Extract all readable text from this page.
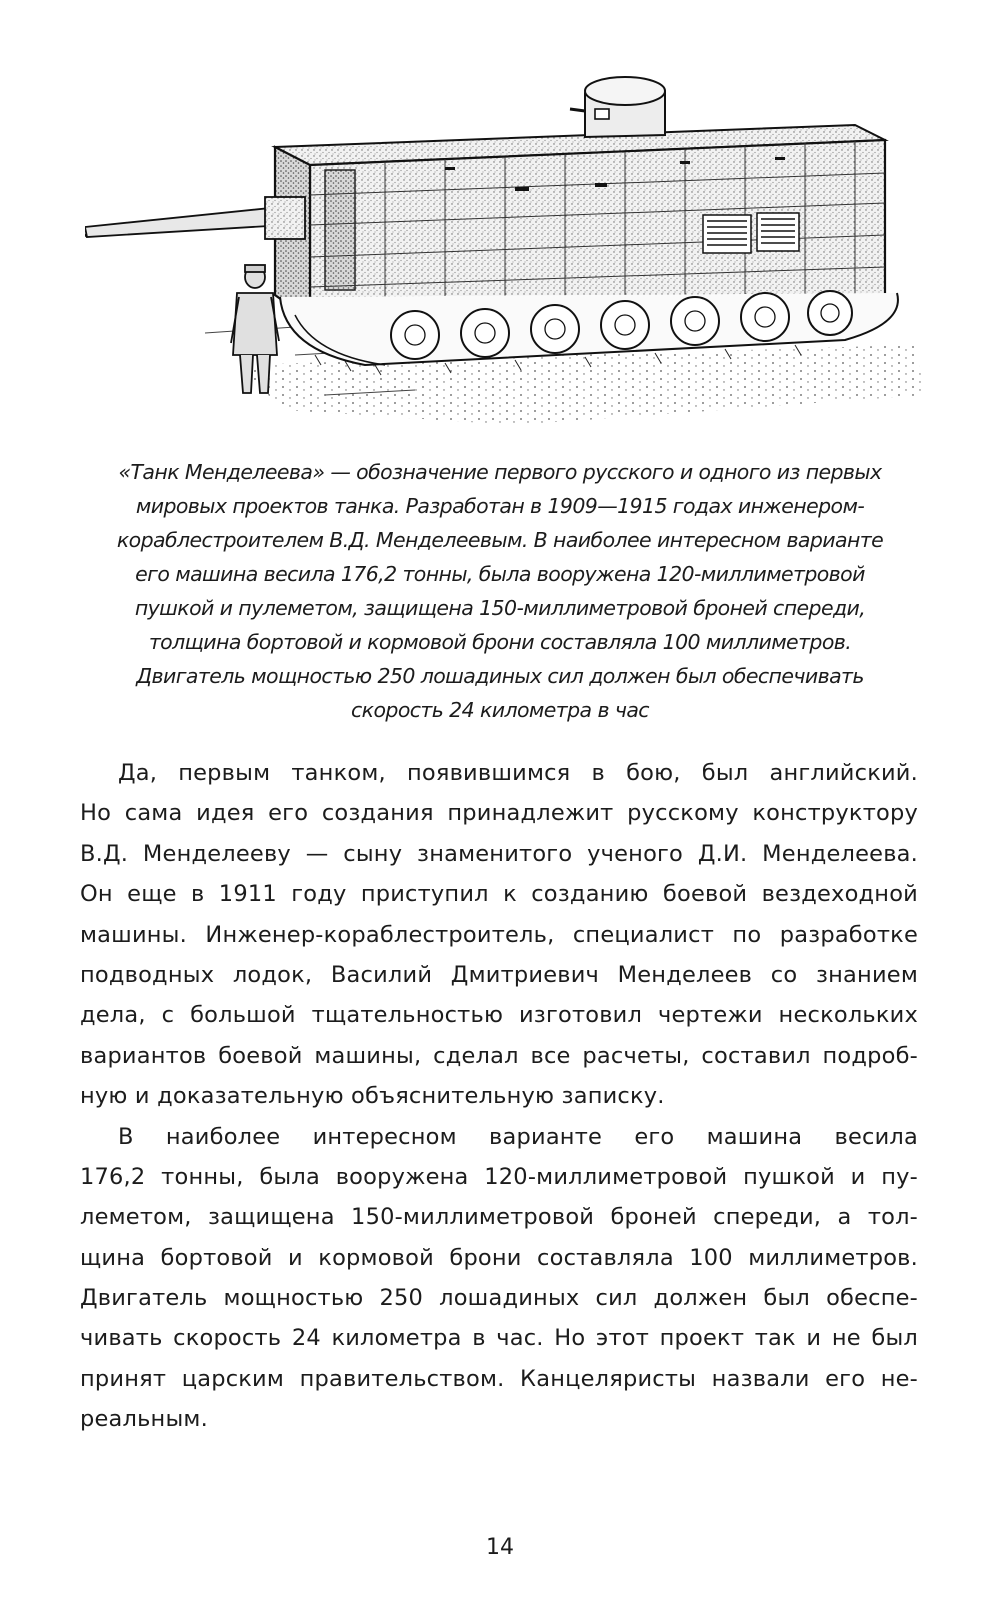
«Танк Менделеева» — обозначение первого русского и одного из первых
мировых проектов танка. Разработан в 1909—1915 годах инженером-
кораблестроителем В.Д. Менделеевым. В наиболее интересном варианте
его машина весила 176,2 тонны, была вооружена 120-миллиметровой
пушкой и пулеметом, защищена 150-миллиметровой броней спереди,
толщина бортовой и кормовой брони составляла 100 миллиметров.
Двигатель мощностью 250 лошадиных сил должен был обеспечивать
скорость 24 километра в час
Да, первым танком, появившимся в бою, был английский.
Но сама идея его создания принадлежит русскому конструктору
В.Д. Менделееву — сыну знаменитого ученого Д.И. Менделеева.
Он еще в 1911 году приступил к созданию боевой вездеходной
машины. Инженер-кораблестроитель, специалист по разработке
подводных лодок, Василий Дмитриевич Менделеев со знанием
дела, с большой тщательностью изготовил чертежи нескольких
вариантов боевой машины, сделал все расчеты, составил подроб-
ную и доказательную объяснительную записку.
В наиболее интересном варианте его машина весила
176,2 тонны, была вооружена 120-миллиметровой пушкой и пу-
леметом, защищена 150-миллиметровой броней спереди, а тол-
щина бортовой и кормовой брони составляла 100 миллиметров.
Двигатель мощностью 250 лошадиных сил должен был обеспе-
чивать скорость 24 километра в час. Но этот проект так и не был
принят царским правительством. Канцеляристы назвали его не-
реальным.
14
